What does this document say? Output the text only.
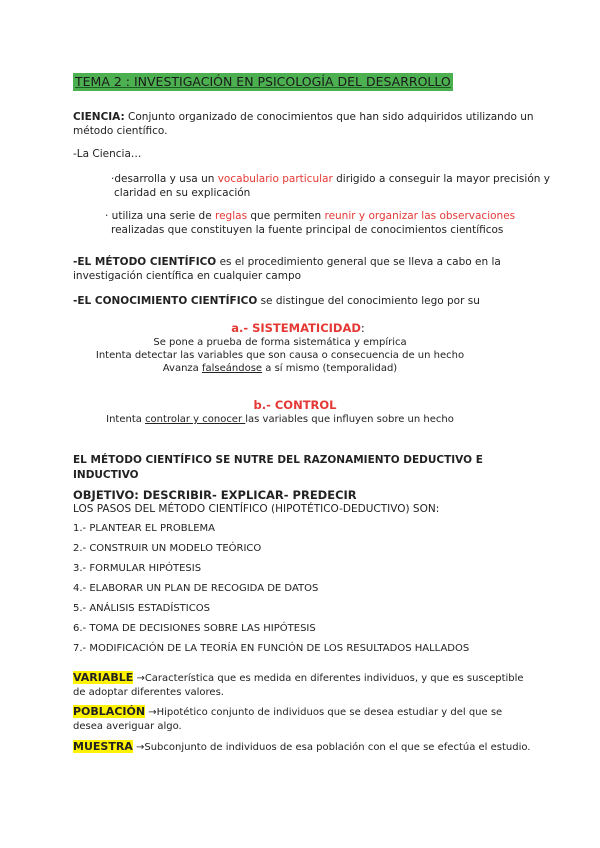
TEMA 2 : INVESTIGACIÓN EN PSICOLOGÍA DEL DESARROLLO

CIENCIA: Conjunto organizado de conocimientos que han sido adquiridos utilizando un

método científico.

-La Ciencia…

·desarrolla y usa un vocabulario particular dirigido a conseguir la mayor precisión y

claridad en su explicación

· utiliza una serie de reglas que permiten reunir y organizar las observaciones

realizadas que constituyen la fuente principal de conocimientos científicos

-EL MÉTODO CIENTÍFICO es el procedimiento general que se lleva a cabo en la

investigación científica en cualquier campo

-EL CONOCIMIENTO CIENTÍFICO se distingue del conocimiento lego por su

a.- SISTEMATICIDAD:

Se pone a prueba de forma sistemática y empírica

Intenta detectar las variables que son causa o consecuencia de un hecho

Avanza falseándose a sí mismo (temporalidad)

b.- CONTROL

Intenta controlar y conocer las variables que influyen sobre un hecho

EL MÉTODO CIENTÍFICO SE NUTRE DEL RAZONAMIENTO DEDUCTIVO E

INDUCTIVO

OBJETIVO: DESCRIBIR- EXPLICAR- PREDECIR
LOS PASOS DEL MÉTODO CIENTÍFICO (HIPOTÉTICO-DEDUCTIVO) SON:

1.- PLANTEAR EL PROBLEMA

2.- CONSTRUIR UN MODELO TEÓRICO

3.- FORMULAR HIPÓTESIS

4.- ELABORAR UN PLAN DE RECOGIDA DE DATOS

5.- ANÁLISIS ESTADÍSTICOS

6.- TOMA DE DECISIONES SOBRE LAS HIPÓTESIS

7.- MODIFICACIÓN DE LA TEORÍA EN FUNCIÓN DE LOS RESULTADOS HALLADOS

VARIABLE →Característica que es medida en diferentes individuos, y que es susceptible

de adoptar diferentes valores.

POBLACIÓN →Hipotético conjunto de individuos que se desea estudiar y del que se

desea averiguar algo.

MUESTRA →Subconjunto de individuos de esa población con el que se efectúa el estudio.
